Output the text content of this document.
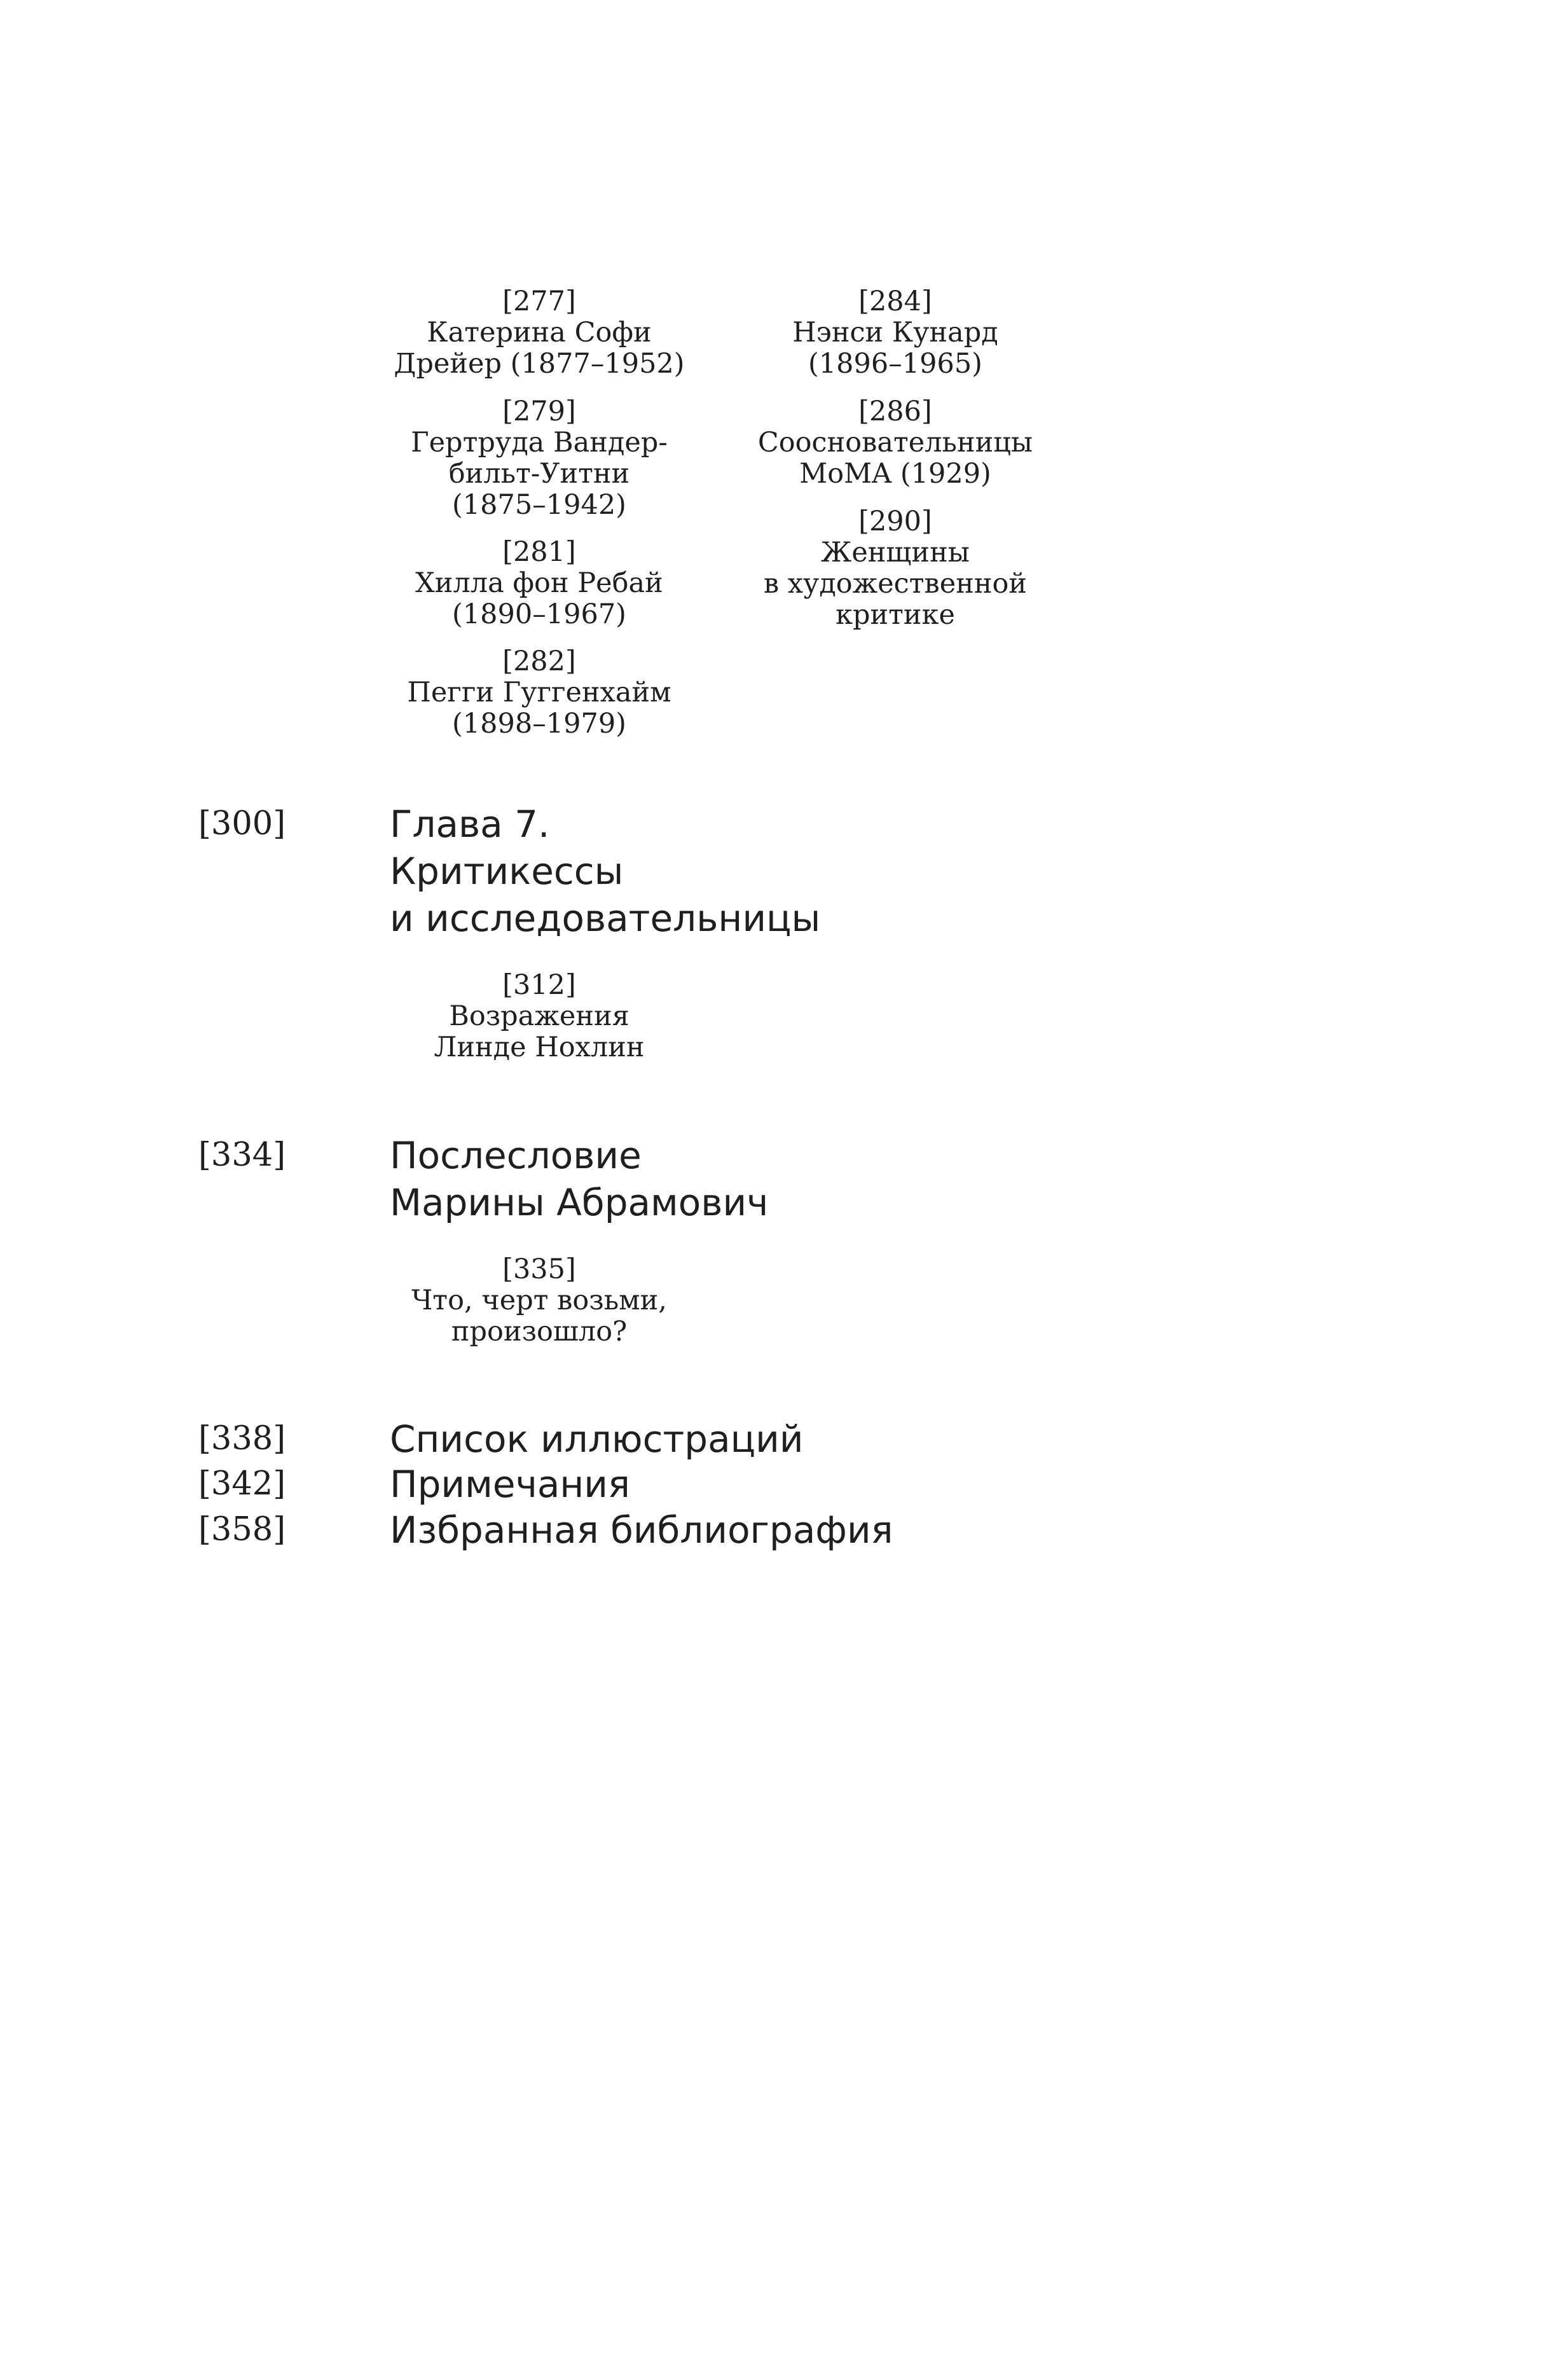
[277]
Катерина Софи
Дрейер (1877–1952)
[279]
Гертруда Вандер-
бильт-Уитни
(1875–1942)
[281]
Хилла фон Ребай
(1890–1967)
[282]
Пегги Гуггенхайм
(1898–1979)
[284]
Нэнси Кунард
(1896–1965)
[286]
Соосновательницы
MoMA (1929)
[290]
Женщины
в художественной
критике
[300]	Глава 7.
Критикессы
и исследовательницы
[312]
Возражения
Линде Нохлин
[334]	Послесловие
Марины Абрамович
[335]
Что, черт возьми,
произошло?
[338]	Список иллюстраций
[342]	Примечания
[358]	Избранная библиография
